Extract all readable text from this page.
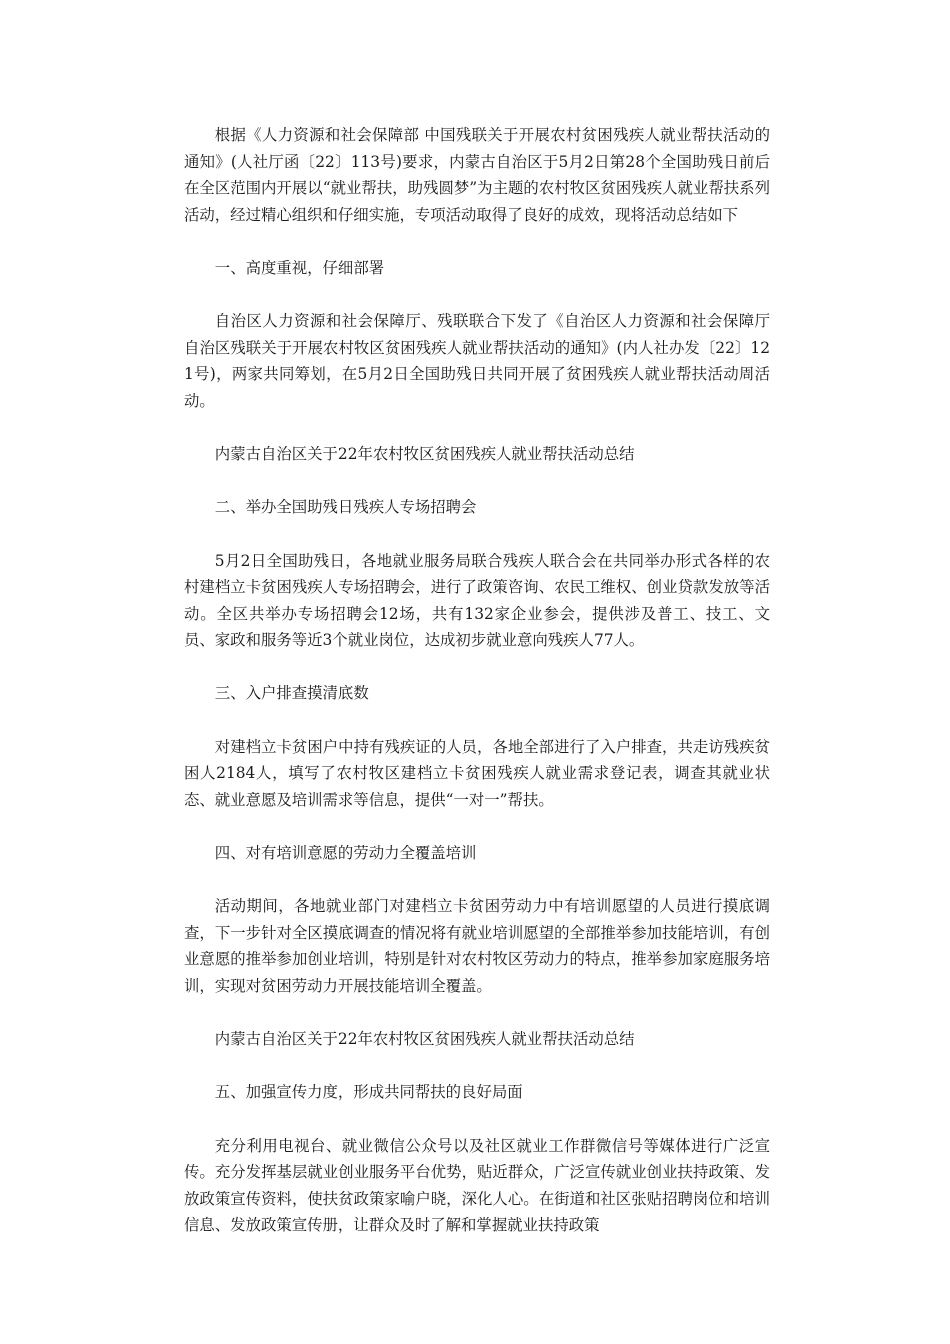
根据《人力资源和社会保障部 中国残联关于开展农村贫困残疾人就业帮扶活动的通知》(人社厅函〔22〕113号)要求，内蒙古自治区于5月2日第28个全国助残日前后在全区范围内开展以“就业帮扶，助残圆梦”为主题的农村牧区贫困残疾人就业帮扶系列活动，经过精心组织和仔细实施，专项活动取得了良好的成效，现将活动总结如下

一、高度重视，仔细部署

自治区人力资源和社会保障厅、残联联合下发了《自治区人力资源和社会保障厅 自治区残联关于开展农村牧区贫困残疾人就业帮扶活动的通知》(内人社办发〔22〕121号)，两家共同筹划，在5月2日全国助残日共同开展了贫困残疾人就业帮扶活动周活动。

内蒙古自治区关于22年农村牧区贫困残疾人就业帮扶活动总结

二、举办全国助残日残疾人专场招聘会

5月2日全国助残日，各地就业服务局联合残疾人联合会在共同举办形式各样的农村建档立卡贫困残疾人专场招聘会，进行了政策咨询、农民工维权、创业贷款发放等活动。全区共举办专场招聘会12场，共有132家企业参会，提供涉及普工、技工、文员、家政和服务等近3个就业岗位，达成初步就业意向残疾人77人。

三、入户排查摸清底数

对建档立卡贫困户中持有残疾证的人员，各地全部进行了入户排查，共走访残疾贫困人2184人，填写了农村牧区建档立卡贫困残疾人就业需求登记表，调查其就业状态、就业意愿及培训需求等信息，提供“一对一”帮扶。

四、对有培训意愿的劳动力全覆盖培训

活动期间，各地就业部门对建档立卡贫困劳动力中有培训愿望的人员进行摸底调查，下一步针对全区摸底调查的情况将有就业培训愿望的全部推举参加技能培训，有创业意愿的推举参加创业培训，特别是针对农村牧区劳动力的特点，推举参加家庭服务培训，实现对贫困劳动力开展技能培训全覆盖。

内蒙古自治区关于22年农村牧区贫困残疾人就业帮扶活动总结

五、加强宣传力度，形成共同帮扶的良好局面

充分利用电视台、就业微信公众号以及社区就业工作群微信号等媒体进行广泛宣传。充分发挥基层就业创业服务平台优势，贴近群众，广泛宣传就业创业扶持政策、发放政策宣传资料，使扶贫政策家喻户晓，深化人心。在街道和社区张贴招聘岗位和培训信息、发放政策宣传册，让群众及时了解和掌握就业扶持政策
